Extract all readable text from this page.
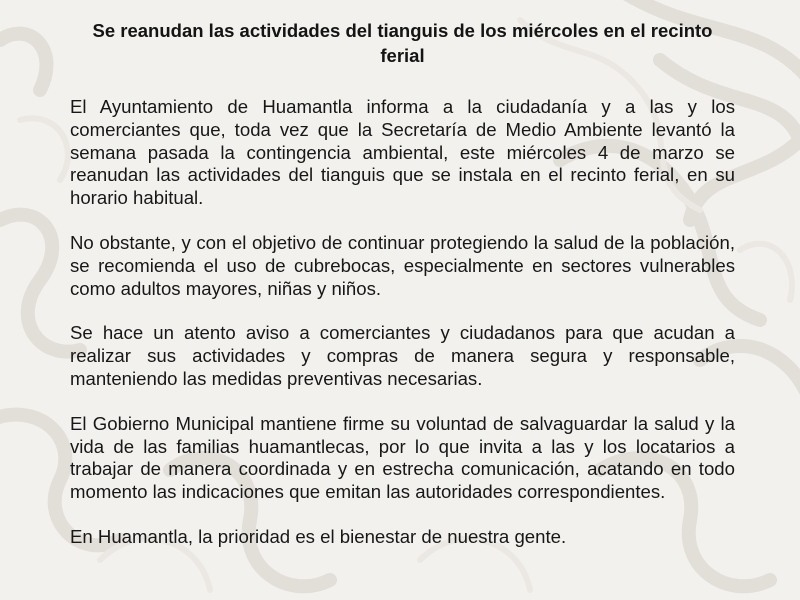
Se reanudan las actividades del tianguis de los miércoles en el recinto ferial

El Ayuntamiento de Huamantla informa a la ciudadanía y a las y los comerciantes que, toda vez que la Secretaría de Medio Ambiente levantó la semana pasada la contingencia ambiental, este miércoles 4 de marzo se reanudan las actividades del tianguis que se instala en el recinto ferial, en su horario habitual.

No obstante, y con el objetivo de continuar protegiendo la salud de la población, se recomienda el uso de cubrebocas, especialmente en sectores vulnerables como adultos mayores, niñas y niños.

Se hace un atento aviso a comerciantes y ciudadanos para que acudan a realizar sus actividades y compras de manera segura y responsable, manteniendo las medidas preventivas necesarias.

El Gobierno Municipal mantiene firme su voluntad de salvaguardar la salud y la vida de las familias huamantlecas, por lo que invita a las y los locatarios a trabajar de manera coordinada y en estrecha comunicación, acatando en todo momento las indicaciones que emitan las autoridades correspondientes.

En Huamantla, la prioridad es el bienestar de nuestra gente.
